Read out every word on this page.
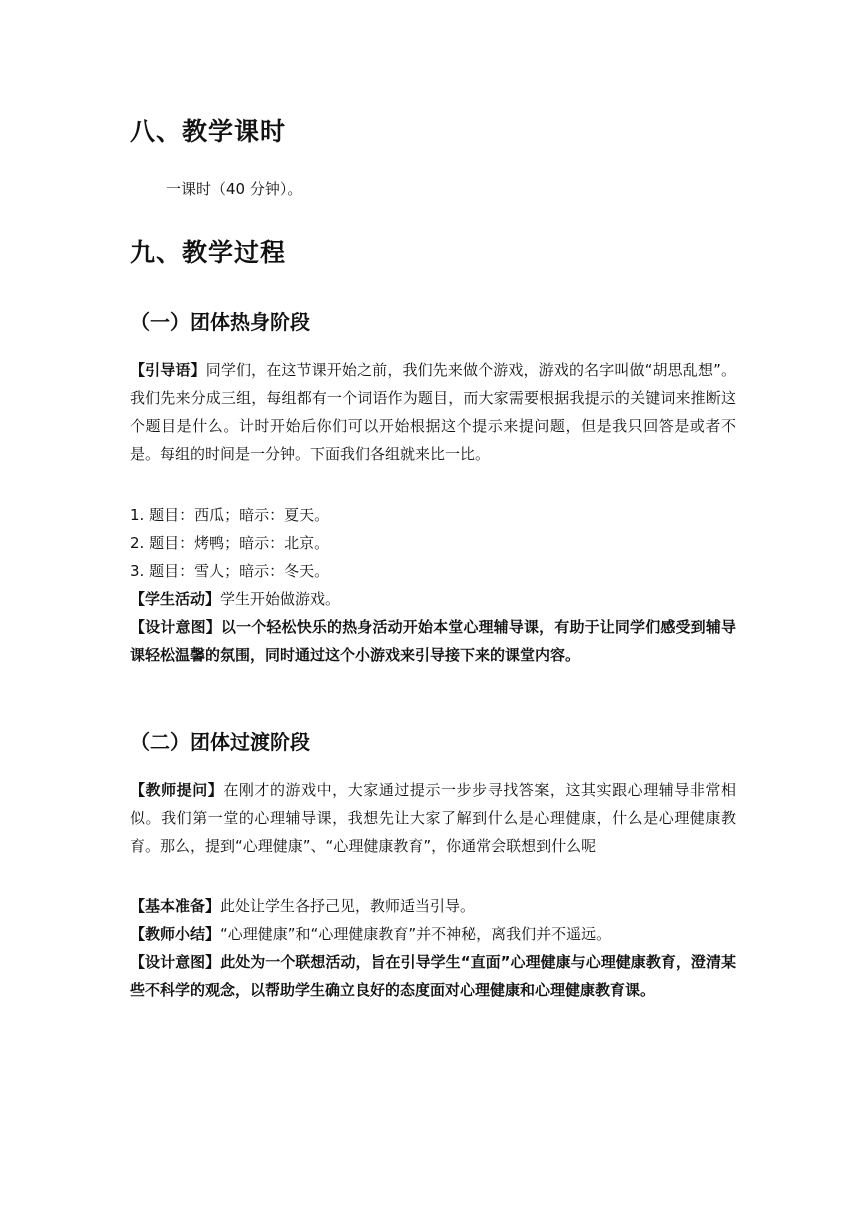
八、教学课时
一课时（40 分钟）。
九、教学过程
（一）团体热身阶段
【引导语】同学们，在这节课开始之前，我们先来做个游戏，游戏的名字叫做“胡思乱想”。我们先来分成三组，每组都有一个词语作为题目，而大家需要根据我提示的关键词来推断这个题目是什么。计时开始后你们可以开始根据这个提示来提问题，但是我只回答是或者不是。每组的时间是一分钟。下面我们各组就来比一比。
1. 题目：西瓜；暗示：夏天。
2. 题目：烤鸭；暗示：北京。
3. 题目：雪人；暗示：冬天。
【学生活动】学生开始做游戏。
【设计意图】以一个轻松快乐的热身活动开始本堂心理辅导课，有助于让同学们感受到辅导课轻松温馨的氛围，同时通过这个小游戏来引导接下来的课堂内容。
（二）团体过渡阶段
【教师提问】在刚才的游戏中，大家通过提示一步步寻找答案，这其实跟心理辅导非常相似。我们第一堂的心理辅导课，我想先让大家了解到什么是心理健康，什么是心理健康教育。那么，提到“心理健康”、“心理健康教育”，你通常会联想到什么呢
【基本准备】此处让学生各抒己见，教师适当引导。
【教师小结】“心理健康”和“心理健康教育”并不神秘，离我们并不遥远。
【设计意图】此处为一个联想活动，旨在引导学生“直面”心理健康与心理健康教育，澄清某些不科学的观念，以帮助学生确立良好的态度面对心理健康和心理健康教育课。
